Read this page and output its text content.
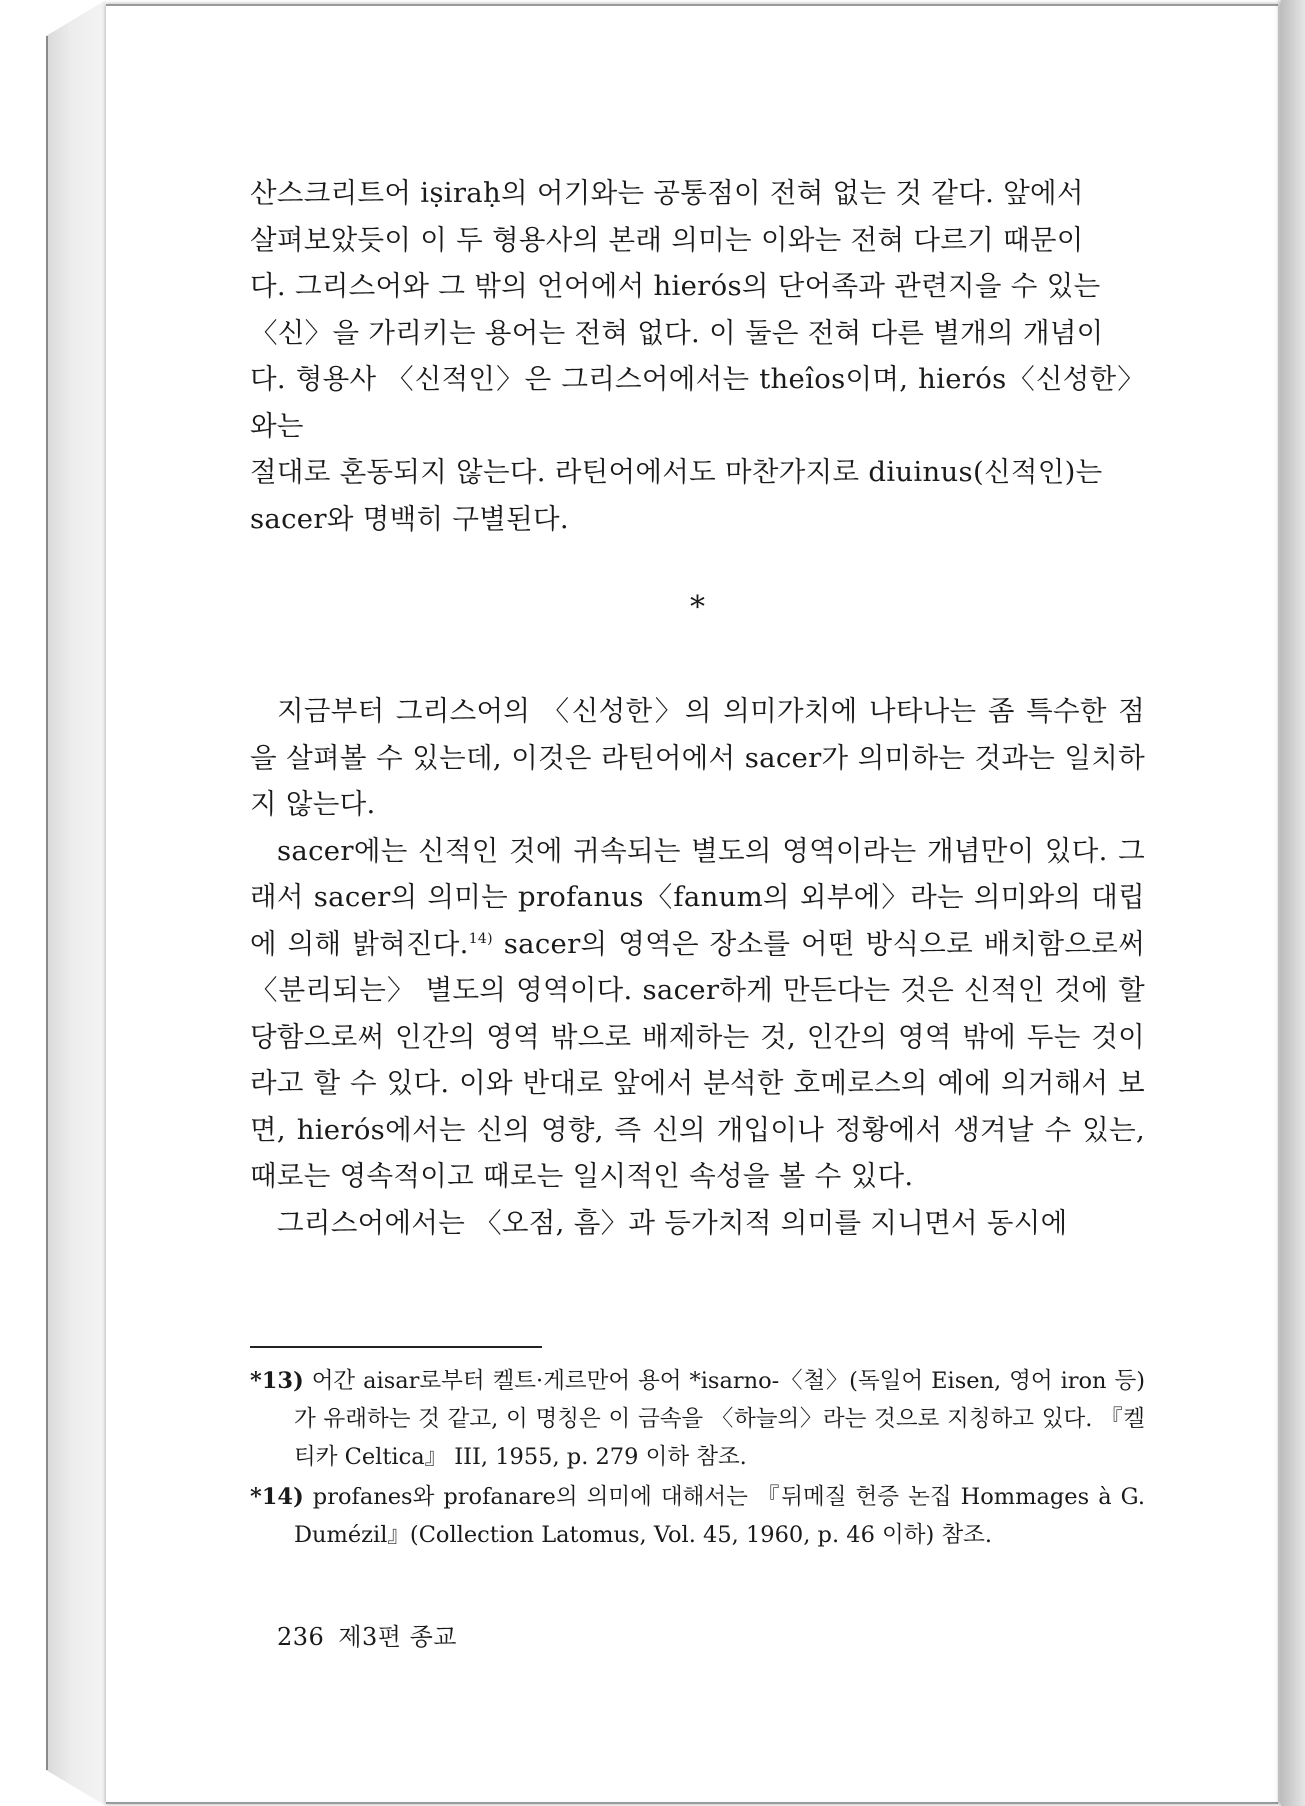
산스크리트어 iṣiraḥ의 어기와는 공통점이 전혀 없는 것 같다. 앞에서

살펴보았듯이 이 두 형용사의 본래 의미는 이와는 전혀 다르기 때문이

다. 그리스어와 그 밖의 언어에서 hierós의 단어족과 관련지을 수 있는

〈신〉을 가리키는 용어는 전혀 없다. 이 둘은 전혀 다른 별개의 개념이

다. 형용사 〈신적인〉은 그리스어에서는 theîos이며, hierós〈신성한〉와는

절대로 혼동되지 않는다. 라틴어에서도 마찬가지로 diuinus(신적인)는

sacer와 명백히 구별된다.

*

지금부터 그리스어의 〈신성한〉의 의미가치에 나타나는 좀 특수한 점을 살펴볼 수 있는데, 이것은 라틴어에서 sacer가 의미하는 것과는 일치하지 않는다.

sacer에는 신적인 것에 귀속되는 별도의 영역이라는 개념만이 있다. 그래서 sacer의 의미는 profanus〈fanum의 외부에〉라는 의미와의 대립에 의해 밝혀진다.$^{14)}$ sacer의 영역은 장소를 어떤 방식으로 배치함으로써 〈분리되는〉 별도의 영역이다. sacer하게 만든다는 것은 신적인 것에 할당함으로써 인간의 영역 밖으로 배제하는 것, 인간의 영역 밖에 두는 것이라고 할 수 있다. 이와 반대로 앞에서 분석한 호메로스의 예에 의거해서 보면, hierós에서는 신의 영향, 즉 신의 개입이나 정황에서 생겨날 수 있는, 때로는 영속적이고 때로는 일시적인 속성을 볼 수 있다.

그리스어에서는 〈오점, 흠〉과 등가치적 의미를 지니면서 동시에

*13) 어간 aisar로부터 켈트·게르만어 용어 *isarno-〈철〉(독일어 Eisen, 영어 iron 등)가 유래하는 것 같고, 이 명칭은 이 금속을 〈하늘의〉라는 것으로 지칭하고 있다. 『켈티카 Celtica』 III, 1955, p. 279 이하 참조.

*14) profanes와 profanare의 의미에 대해서는 『뒤메질 헌증 논집 Hommages à G. Dumézil』(Collection Latomus, Vol. 45, 1960, p. 46 이하) 참조.

236 제3편 종교
